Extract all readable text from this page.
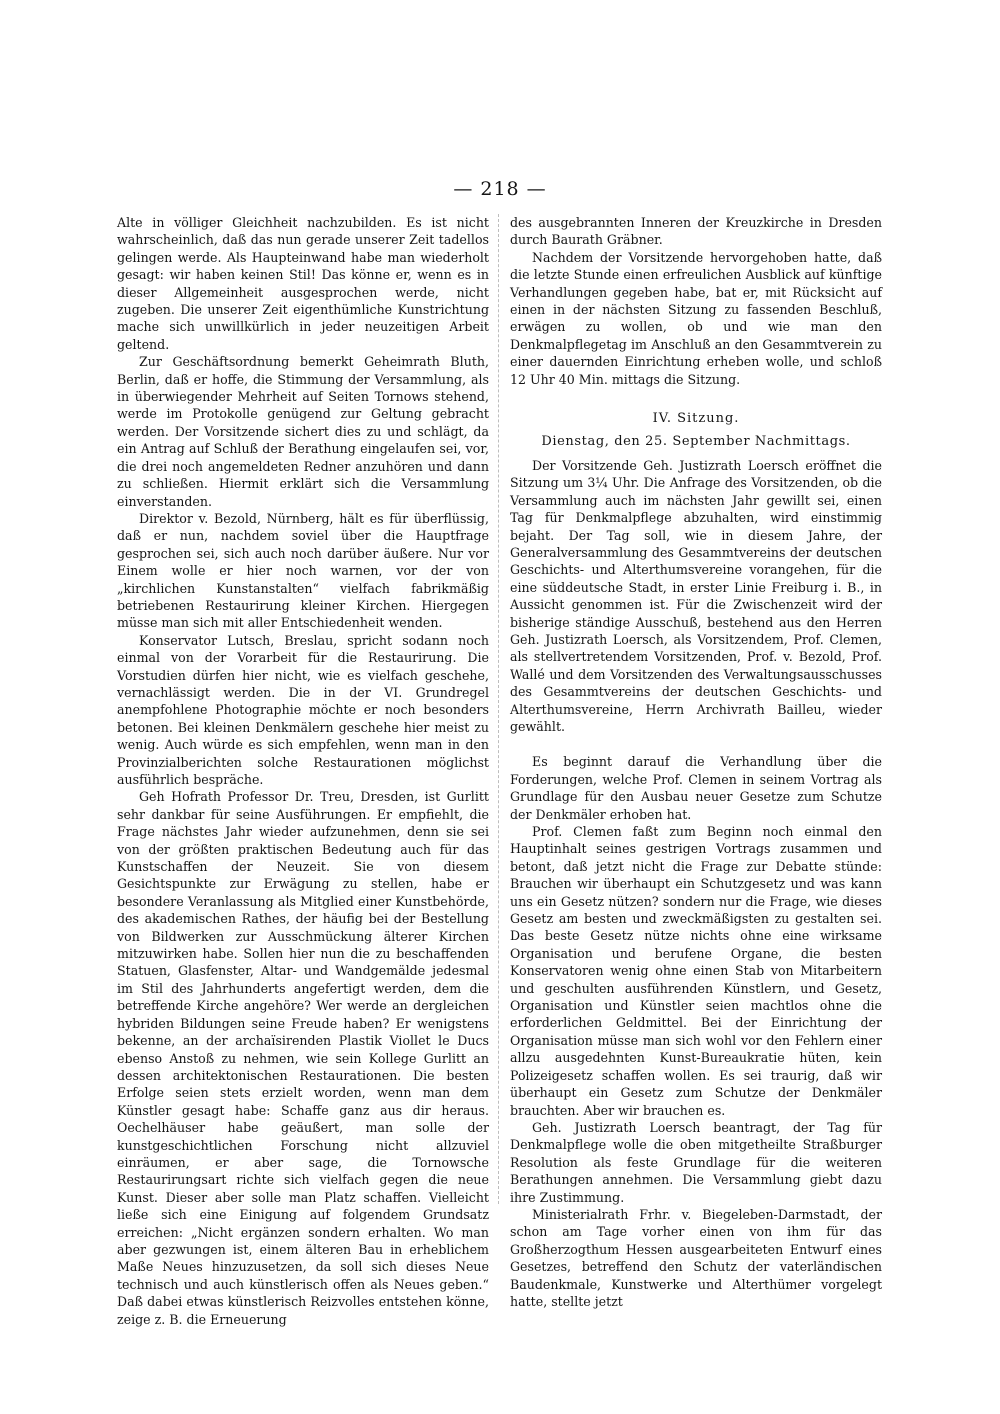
— 218 —

Alte in völliger Gleichheit nachzubilden. Es ist nicht wahrscheinlich, daß das nun gerade unserer Zeit tadellos gelingen werde. Als Haupteinwand habe man wiederholt gesagt: wir haben keinen Stil! Das könne er, wenn es in dieser Allgemeinheit ausgesprochen werde, nicht zugeben. Die unserer Zeit eigenthümliche Kunstrichtung mache sich unwillkürlich in jeder neuzeitigen Arbeit geltend.

Zur Geschäftsordnung bemerkt Geheimrath Bluth, Berlin, daß er hoffe, die Stimmung der Versammlung, als in überwiegender Mehrheit auf Seiten Tornows stehend, werde im Protokolle genügend zur Geltung gebracht werden. Der Vorsitzende sichert dies zu und schlägt, da ein Antrag auf Schluß der Berathung eingelaufen sei, vor, die drei noch angemeldeten Redner anzuhören und dann zu schließen. Hiermit erklärt sich die Versammlung einverstanden.

Direktor v. Bezold, Nürnberg, hält es für überflüssig, daß er nun, nachdem soviel über die Hauptfrage gesprochen sei, sich auch noch darüber äußere. Nur vor Einem wolle er hier noch warnen, vor der von „kirchlichen Kunstanstalten“ vielfach fabrikmäßig betriebenen Restaurirung kleiner Kirchen. Hiergegen müsse man sich mit aller Entschiedenheit wenden.

Konservator Lutsch, Breslau, spricht sodann noch einmal von der Vorarbeit für die Restaurirung. Die Vorstudien dürfen hier nicht, wie es vielfach geschehe, vernachlässigt werden. Die in der VI. Grundregel anempfohlene Photographie möchte er noch besonders betonen. Bei kleinen Denkmälern geschehe hier meist zu wenig. Auch würde es sich empfehlen, wenn man in den Provinzialberichten solche Restaurationen möglichst ausführlich bespräche.

Geh Hofrath Professor Dr. Treu, Dresden, ist Gurlitt sehr dankbar für seine Ausführungen. Er empfiehlt, die Frage nächstes Jahr wieder aufzunehmen, denn sie sei von der größten praktischen Bedeutung auch für das Kunstschaffen der Neuzeit. Sie von diesem Gesichtspunkte zur Erwägung zu stellen, habe er besondere Veranlassung als Mitglied einer Kunstbehörde, des akademischen Rathes, der häufig bei der Bestellung von Bildwerken zur Ausschmückung älterer Kirchen mitzuwirken habe. Sollen hier nun die zu beschaffenden Statuen, Glasfenster, Altar- und Wandgemälde jedesmal im Stil des Jahrhunderts angefertigt werden, dem die betreffende Kirche angehöre? Wer werde an dergleichen hybriden Bildungen seine Freude haben? Er wenigstens bekenne, an der archaïsirenden Plastik Viollet le Ducs ebenso Anstoß zu nehmen, wie sein Kollege Gurlitt an dessen architektonischen Restaurationen. Die besten Erfolge seien stets erzielt worden, wenn man dem Künstler gesagt habe: Schaffe ganz aus dir heraus. Oechelhäuser habe geäußert, man solle der kunstgeschichtlichen Forschung nicht allzuviel einräumen, er aber sage, die Tornowsche Restaurirungsart richte sich vielfach gegen die neue Kunst. Dieser aber solle man Platz schaffen. Vielleicht ließe sich eine Einigung auf folgendem Grundsatz erreichen: „Nicht ergänzen sondern erhalten. Wo man aber gezwungen ist, einem älteren Bau in erheblichem Maße Neues hinzuzusetzen, da soll sich dieses Neue technisch und auch künstlerisch offen als Neues geben.“ Daß dabei etwas künstlerisch Reizvolles entstehen könne, zeige z. B. die Erneuerung

des ausgebrannten Inneren der Kreuzkirche in Dresden durch Baurath Gräbner.

Nachdem der Vorsitzende hervorgehoben hatte, daß die letzte Stunde einen erfreulichen Ausblick auf künftige Verhandlungen gegeben habe, bat er, mit Rücksicht auf einen in der nächsten Sitzung zu fassenden Beschluß, erwägen zu wollen, ob und wie man den Denkmalpflegetag im Anschluß an den Gesammtverein zu einer dauernden Einrichtung erheben wolle, und schloß 12 Uhr 40 Min. mittags die Sitzung.

IV. Sitzung.

Dienstag, den 25. September Nachmittags.

Der Vorsitzende Geh. Justizrath Loersch eröffnet die Sitzung um 3¼ Uhr. Die Anfrage des Vorsitzenden, ob die Versammlung auch im nächsten Jahr gewillt sei, einen Tag für Denkmalpflege abzuhalten, wird einstimmig bejaht. Der Tag soll, wie in diesem Jahre, der Generalversammlung des Gesammtvereins der deutschen Geschichts- und Alterthumsvereine vorangehen, für die eine süddeutsche Stadt, in erster Linie Freiburg i. B., in Aussicht genommen ist. Für die Zwischenzeit wird der bisherige ständige Ausschuß, bestehend aus den Herren Geh. Justizrath Loersch, als Vorsitzendem, Prof. Clemen, als stellvertretendem Vorsitzenden, Prof. v. Bezold, Prof. Wallé und dem Vorsitzenden des Verwaltungsausschusses des Gesammtvereins der deutschen Geschichts- und Alterthumsvereine, Herrn Archivrath Bailleu, wieder gewählt.

Es beginnt darauf die Verhandlung über die Forderungen, welche Prof. Clemen in seinem Vortrag als Grundlage für den Ausbau neuer Gesetze zum Schutze der Denkmäler erhoben hat.

Prof. Clemen faßt zum Beginn noch einmal den Hauptinhalt seines gestrigen Vortrags zusammen und betont, daß jetzt nicht die Frage zur Debatte stünde: Brauchen wir überhaupt ein Schutzgesetz und was kann uns ein Gesetz nützen? sondern nur die Frage, wie dieses Gesetz am besten und zweckmäßigsten zu gestalten sei. Das beste Gesetz nütze nichts ohne eine wirksame Organisation und berufene Organe, die besten Konservatoren wenig ohne einen Stab von Mitarbeitern und geschulten ausführenden Künstlern, und Gesetz, Organisation und Künstler seien machtlos ohne die erforderlichen Geldmittel. Bei der Einrichtung der Organisation müsse man sich wohl vor den Fehlern einer allzu ausgedehnten Kunst-Bureaukratie hüten, kein Polizeigesetz schaffen wollen. Es sei traurig, daß wir überhaupt ein Gesetz zum Schutze der Denkmäler brauchten. Aber wir brauchen es.

Geh. Justizrath Loersch beantragt, der Tag für Denkmalpflege wolle die oben mitgetheilte Straßburger Resolution als feste Grundlage für die weiteren Berathungen annehmen. Die Versammlung giebt dazu ihre Zustimmung.

Ministerialrath Frhr. v. Biegeleben-Darmstadt, der schon am Tage vorher einen von ihm für das Großherzogthum Hessen ausgearbeiteten Entwurf eines Gesetzes, betreffend den Schutz der vaterländischen Baudenkmale, Kunstwerke und Alterthümer vorgelegt hatte, stellte jetzt
